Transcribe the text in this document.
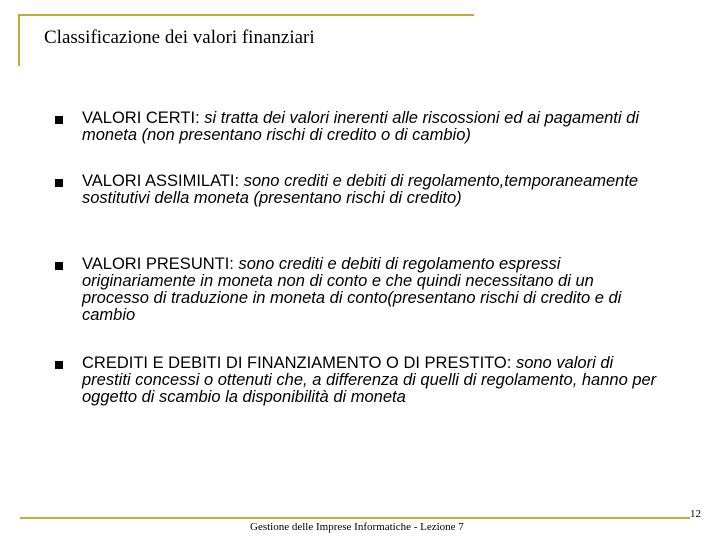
Classificazione dei valori finanziari
VALORI CERTI: si tratta dei valori inerenti alle riscossioni ed ai pagamenti di moneta (non presentano rischi di credito o di cambio)
VALORI ASSIMILATI: sono crediti e debiti di regolamento,temporaneamente sostitutivi della moneta (presentano rischi di credito)
VALORI PRESUNTI: sono crediti e debiti di regolamento espressi originariamente in moneta non di conto e che quindi necessitano di un processo di traduzione in moneta di conto(presentano rischi di credito e di cambio
CREDITI E DEBITI DI FINANZIAMENTO O DI PRESTITO: sono valori di prestiti concessi o ottenuti che, a differenza di quelli di regolamento, hanno per oggetto di scambio la disponibilità di moneta
Gestione delle Imprese Informatiche - Lezione 7
12
